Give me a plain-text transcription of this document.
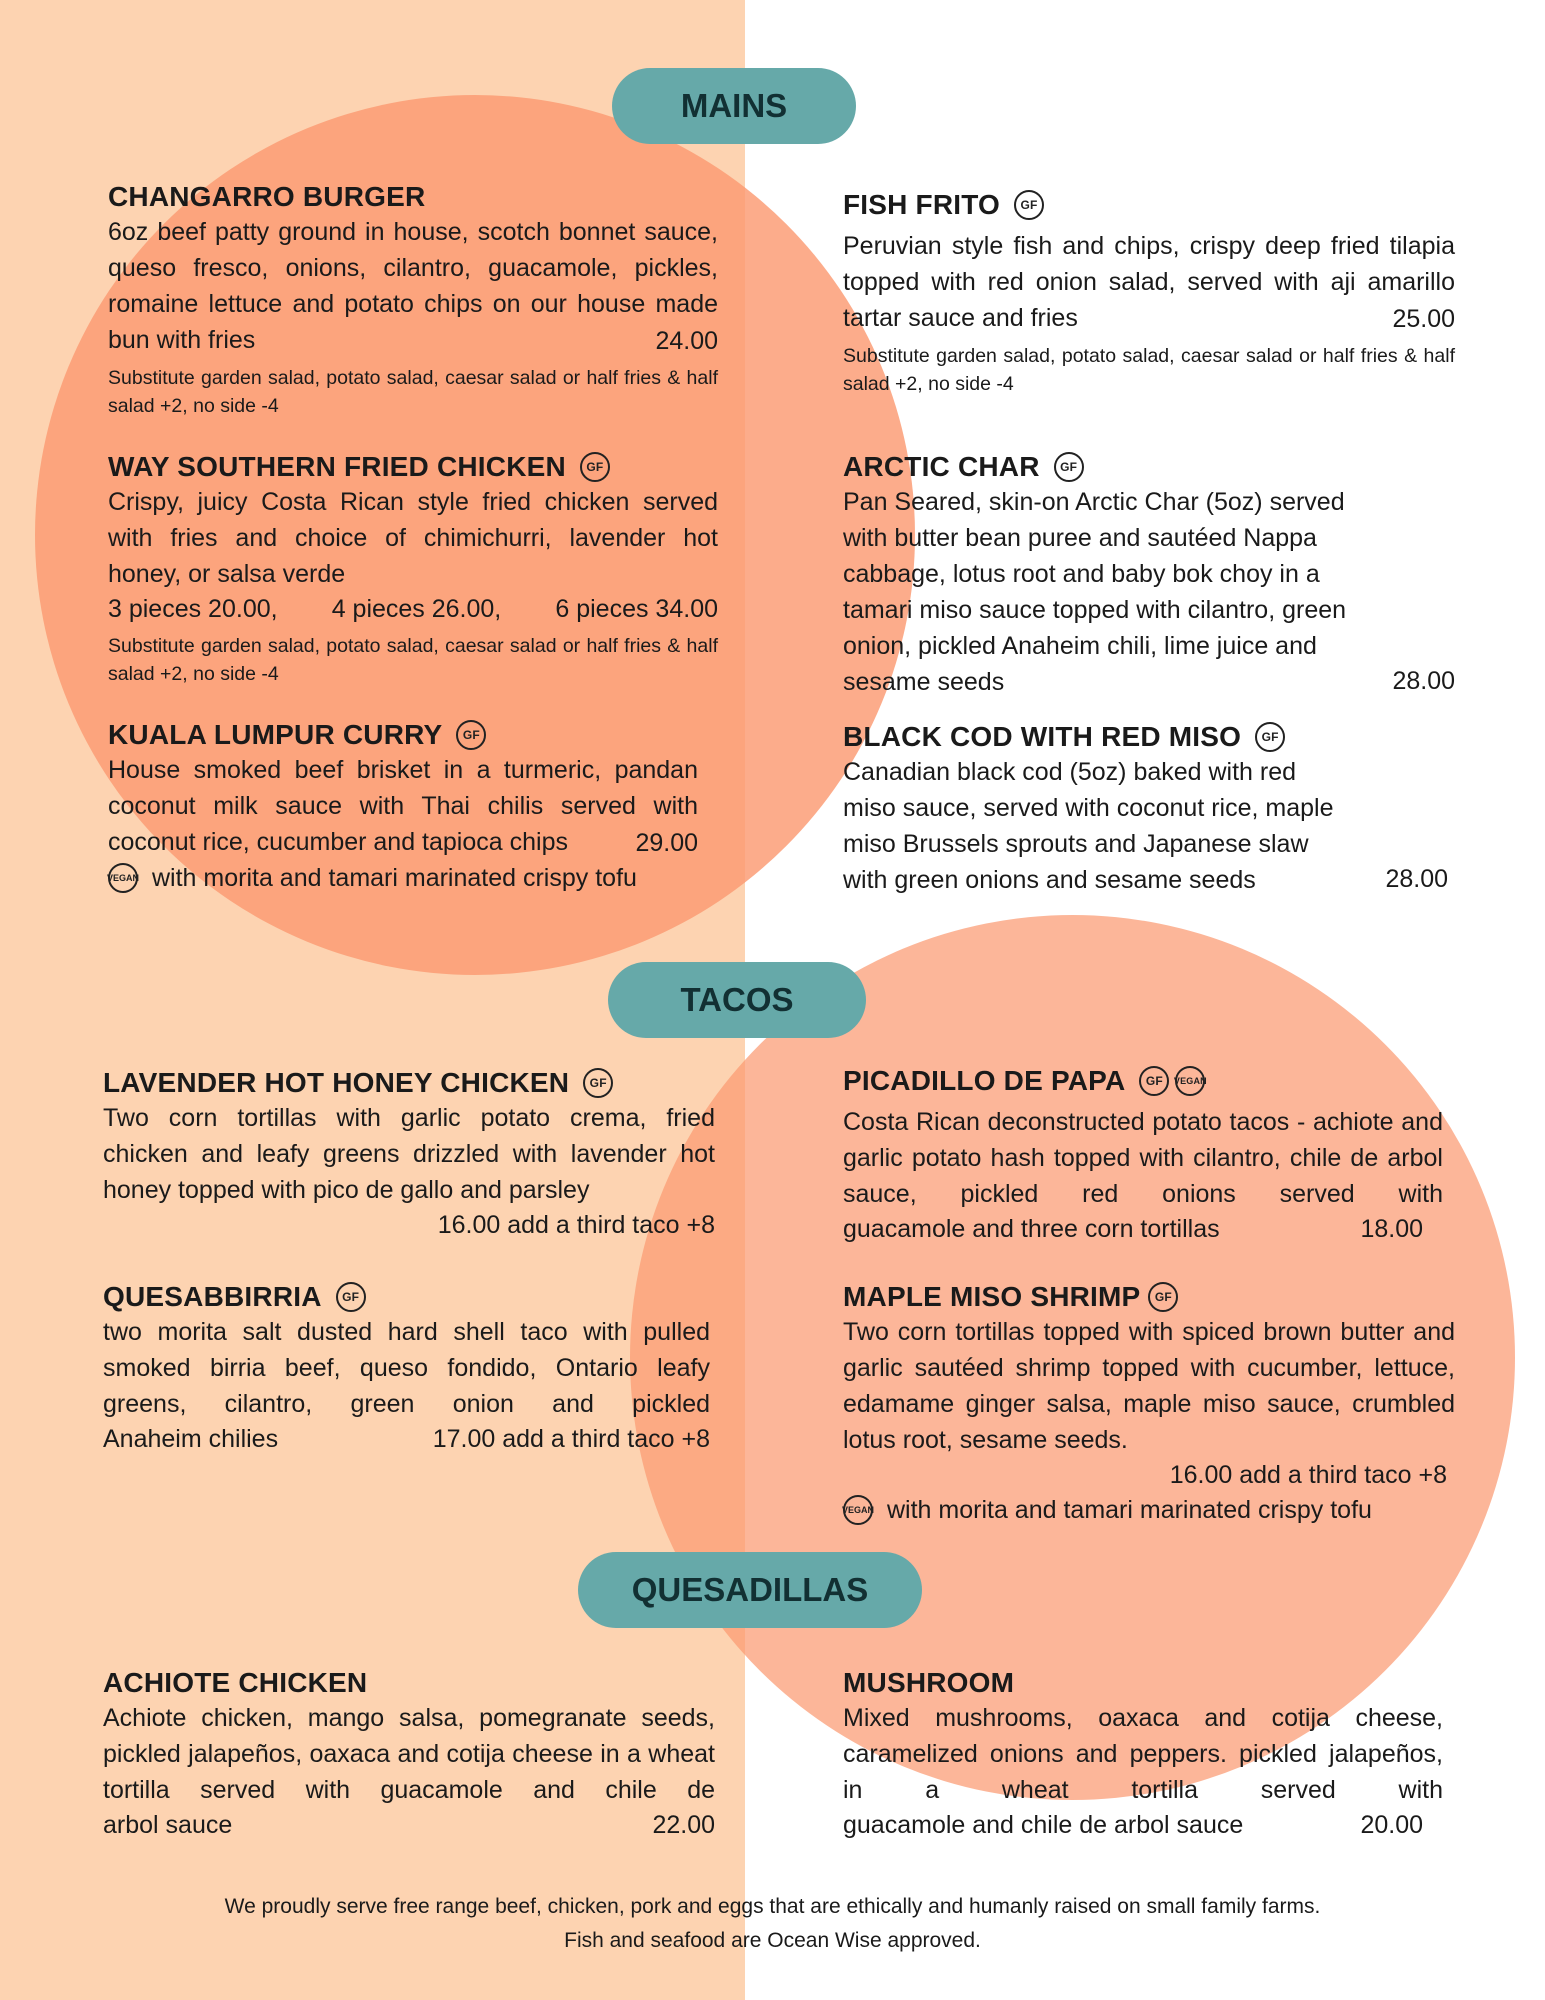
MAINS
CHANGARRO BURGER
6oz beef patty ground in house, scotch bonnet sauce, queso fresco, onions, cilantro, guacamole, pickles, romaine lettuce and potato chips on our house made bun with fries	24.00
Substitute garden salad, potato salad, caesar salad or half fries & half salad +2, no side -4
WAY SOUTHERN FRIED CHICKEN	GF
Crispy, juicy Costa Rican style fried chicken served with fries and choice of chimichurri, lavender hot honey, or salsa verde
3 pieces 20.00, 4 pieces 26.00, 6 pieces 34.00
Substitute garden salad, potato salad, caesar salad or half fries & half salad +2, no side -4
KUALA LUMPUR CURRY	GF
House smoked beef brisket in a turmeric, pandan coconut milk sauce with Thai chilis served with coconut rice, cucumber and tapioca chips	29.00
VEGAN with morita and tamari marinated crispy tofu
FISH FRITO	GF
Peruvian style fish and chips, crispy deep fried tilapia topped with red onion salad, served with aji amarillo tartar sauce and fries	25.00
Substitute garden salad, potato salad, caesar salad or half fries & half salad +2, no side -4
ARCTIC CHAR	GF
Pan Seared, skin-on Arctic Char (5oz) served with butter bean puree and sautéed Nappa cabbage, lotus root and baby bok choy in a tamari miso sauce topped with cilantro, green onion, pickled Anaheim chili, lime juice and sesame seeds	28.00
BLACK COD WITH RED MISO	GF
Canadian black cod (5oz) baked with red miso sauce, served with coconut rice, maple miso Brussels sprouts and Japanese slaw with green onions and sesame seeds	28.00
TACOS
LAVENDER HOT HONEY CHICKEN	GF
Two corn tortillas with garlic potato crema, fried chicken and leafy greens drizzled with lavender hot honey topped with pico de gallo and parsley
16.00 add a third taco +8
QUESABBIRRIA	GF
two morita salt dusted hard shell taco with pulled smoked birria beef, queso fondido, Ontario leafy greens, cilantro, green onion and pickled
Anaheim chilies	17.00 add a third taco +8
PICADILLO DE PAPA	GF	VEGAN
Costa Rican deconstructed potato tacos - achiote and garlic potato hash topped with cilantro, chile de arbol sauce, pickled red onions served with
guacamole and three corn tortillas	18.00
MAPLE MISO SHRIMP	GF
Two corn tortillas topped with spiced brown butter and garlic sautéed shrimp topped with cucumber, lettuce, edamame ginger salsa, maple miso sauce, crumbled lotus root, sesame seeds.
16.00 add a third taco +8
VEGAN with morita and tamari marinated crispy tofu
QUESADILLAS
ACHIOTE CHICKEN
Achiote chicken, mango salsa, pomegranate seeds, pickled jalapeños, oaxaca and cotija cheese in a wheat tortilla served with guacamole and chile de
arbol sauce	22.00
MUSHROOM
Mixed mushrooms, oaxaca and cotija cheese, caramelized onions and peppers. pickled jalapeños, in a wheat tortilla served with
guacamole and chile de arbol sauce	20.00
We proudly serve free range beef, chicken, pork and eggs that are ethically and humanly raised on small family farms.
Fish and seafood are Ocean Wise approved.
